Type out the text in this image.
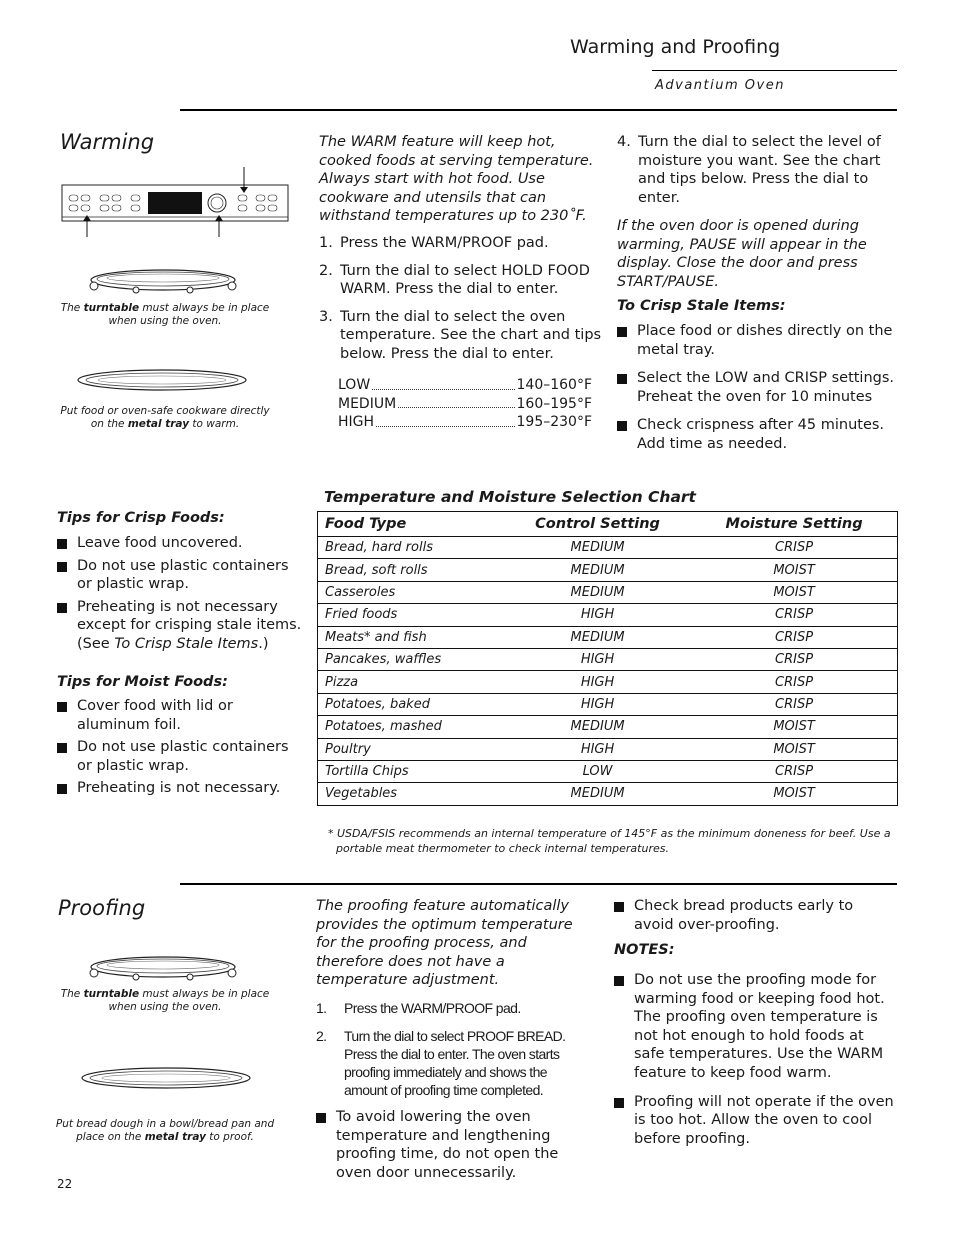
Warming and Proofing
Advantium Oven
Warming
The turntable must always be in place when using the oven.
Put food or oven-safe cookware directly on the metal tray to warm.
The WARM feature will keep hot, cooked foods at serving temperature. Always start with hot food. Use cookware and utensils that can withstand temperatures up to 230˚F.
1. Press the WARM/PROOF pad.
2. Turn the dial to select HOLD FOOD WARM. Press the dial to enter.
3. Turn the dial to select the oven temperature. See the chart and tips below. Press the dial to enter.
LOW	140–160°F
MEDIUM	160–195°F
HIGH	195–230°F
4. Turn the dial to select the level of moisture you want. See the chart and tips below. Press the dial to enter.
If the oven door is opened during warming, PAUSE will appear in the display. Close the door and press START/PAUSE.
To Crisp Stale Items:
Place food or dishes directly on the metal tray.
Select the LOW and CRISP settings. Preheat the oven for 10 minutes
Check crispness after 45 minutes. Add time as needed.
Tips for Crisp Foods:
Leave food uncovered.
Do not use plastic containers or plastic wrap.
Preheating is not necessary except for crisping stale items. (See To Crisp Stale Items.)
Tips for Moist Foods:
Cover food with lid or aluminum foil.
Do not use plastic containers or plastic wrap.
Preheating is not necessary.
Temperature and Moisture Selection Chart
Food Type	Control Setting	Moisture Setting
Bread, hard rolls	MEDIUM	CRISP
Bread, soft rolls	MEDIUM	MOIST
Casseroles	MEDIUM	MOIST
Fried foods	HIGH	CRISP
Meats* and fish	MEDIUM	CRISP
Pancakes, waffles	HIGH	CRISP
Pizza	HIGH	CRISP
Potatoes, baked	HIGH	CRISP
Potatoes, mashed	MEDIUM	MOIST
Poultry	HIGH	MOIST
Tortilla Chips	LOW	CRISP
Vegetables	MEDIUM	MOIST
* USDA/FSIS recommends an internal temperature of 145°F as the minimum doneness for beef. Use a portable meat thermometer to check internal temperatures.
Proofing
The turntable must always be in place when using the oven.
Put bread dough in a bowl/bread pan and place on the metal tray to proof.
The proofing feature automatically provides the optimum temperature for the proofing process, and therefore does not have a temperature adjustment.
1. Press the WARM/PROOF pad.
2. Turn the dial to select PROOF BREAD. Press the dial to enter. The oven starts proofing immediately and shows the amount of proofing time completed.
To avoid lowering the oven temperature and lengthening proofing time, do not open the oven door unnecessarily.
Check bread products early to avoid over-proofing.
NOTES:
Do not use the proofing mode for warming food or keeping food hot. The proofing oven temperature is not hot enough to hold foods at safe temperatures. Use the WARM feature to keep food warm.
Proofing will not operate if the oven is too hot. Allow the oven to cool before proofing.
22
